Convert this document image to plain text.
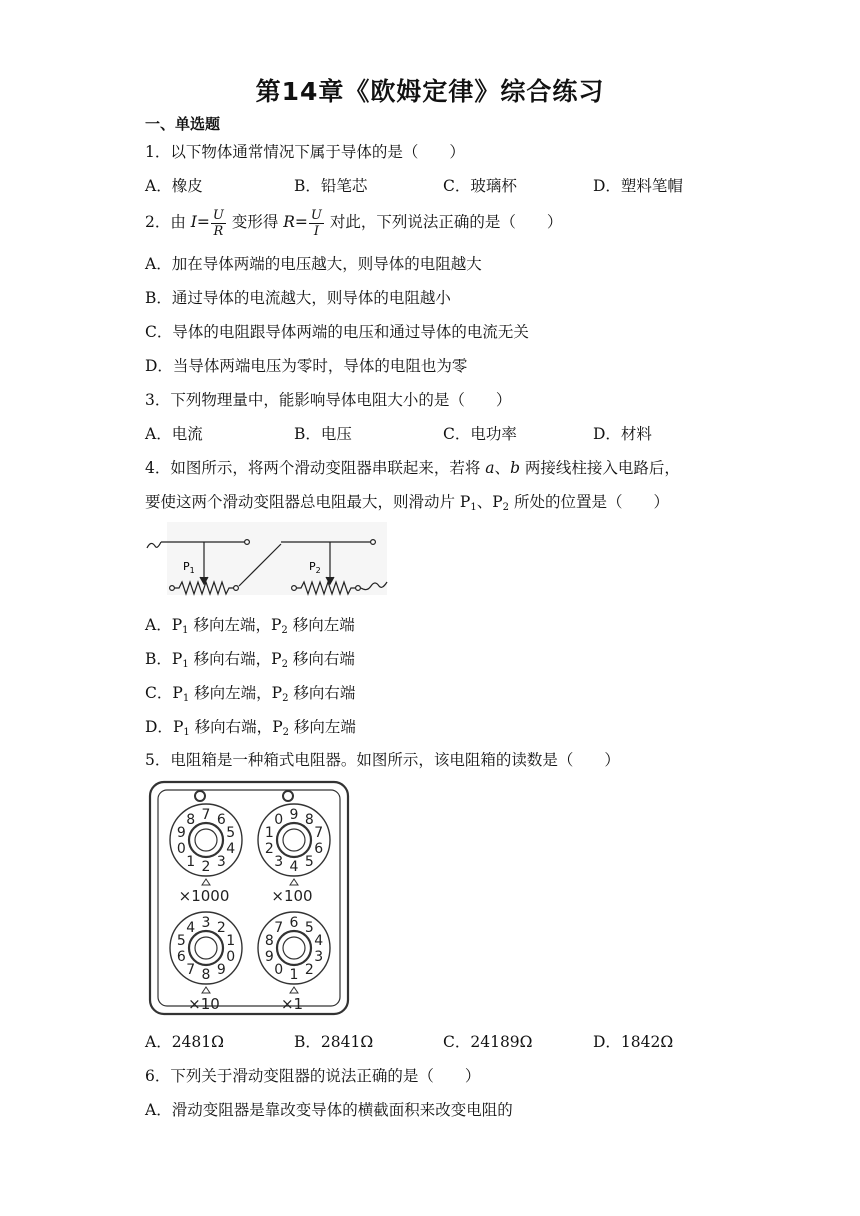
第14章《欧姆定律》综合练习
一、单选题
1．以下物体通常情况下属于导体的是（　　）
A．橡皮	B．铅笔芯	C．玻璃杯	D．塑料笔帽
2．由 $I= \frac{U}{R}$ 变形得 $R= \frac{U}{I}$ 对此，下列说法正确的是（　　）
A．加在导体两端的电压越大，则导体的电阻越大
B．通过导体的电流越大，则导体的电阻越小
C．导体的电阻跟导体两端的电压和通过导体的电流无关
D．当导体两端电压为零时，导体的电阻也为零
3．下列物理量中，能影响导体电阻大小的是（　　）
A．电流	B．电压	C．电功率	D．材料
4．如图所示，将两个滑动变阻器串联起来，若将 a、b 两接线柱接入电路后，
要使这两个滑动变阻器总电阻最大，则滑动片 $P_1$、$P_2$ 所处的位置是（　　）
$P_1$	$P_2$
A．$P_1$ 移向左端，$P_2$ 移向左端
B．$P_1$ 移向右端，$P_2$ 移向右端
C．$P_1$ 移向左端，$P_2$ 移向右端
D．$P_1$ 移向右端，$P_2$ 移向左端
5．电阻箱是一种箱式电阻器。如图所示，该电阻箱的读数是（　　）
0
1 2 3
4
5
6
7
8
9
×1000
0
1
2
3 4 5
6
7
8
9
×100
0
1
2
3
4
5
6
7 8 9
×10
0 1 2
3
4
5
6
7
8
9
×1
A．2481Ω	B．2841Ω	C．24189Ω	D．1842Ω
6．下列关于滑动变阻器的说法正确的是（　　）
A．滑动变阻器是靠改变导体的横截面积来改变电阻的
